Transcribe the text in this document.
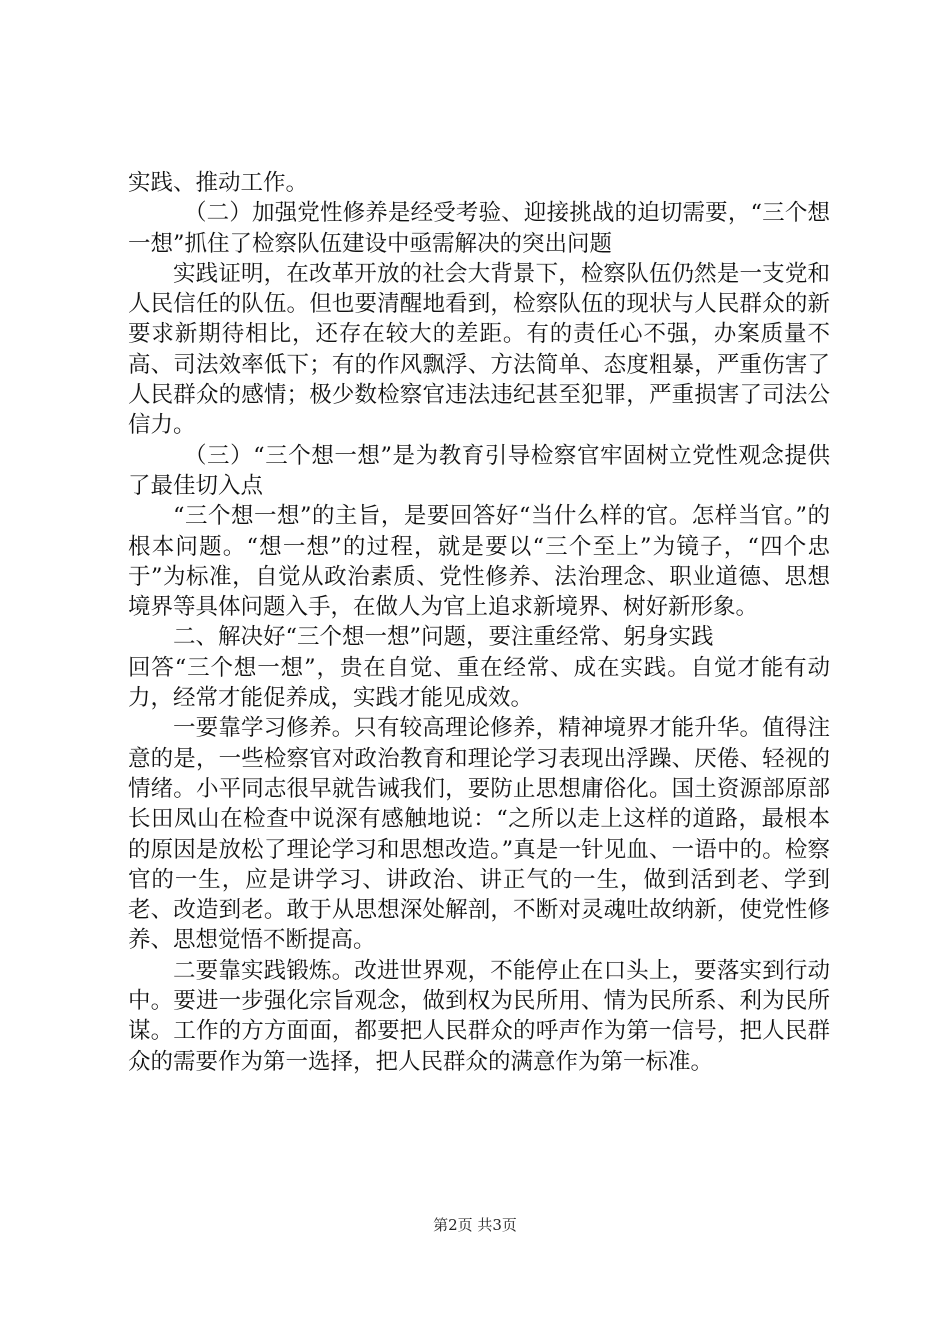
实践、推动工作。

（二）加强党性修养是经受考验、迎接挑战的迫切需要，“三个想一想”抓住了检察队伍建设中亟需解决的突出问题

实践证明，在改革开放的社会大背景下，检察队伍仍然是一支党和人民信任的队伍。但也要清醒地看到，检察队伍的现状与人民群众的新要求新期待相比，还存在较大的差距。有的责任心不强，办案质量不高、司法效率低下；有的作风飘浮、方法简单、态度粗暴，严重伤害了人民群众的感情；极少数检察官违法违纪甚至犯罪，严重损害了司法公信力。

（三）“三个想一想”是为教育引导检察官牢固树立党性观念提供了最佳切入点

“三个想一想”的主旨，是要回答好“当什么样的官。怎样当官。”的根本问题。“想一想”的过程，就是要以“三个至上”为镜子，“四个忠于”为标准，自觉从政治素质、党性修养、法治理念、职业道德、思想境界等具体问题入手，在做人为官上追求新境界、树好新形象。

二、解决好“三个想一想”问题，要注重经常、躬身实践

回答“三个想一想”，贵在自觉、重在经常、成在实践。自觉才能有动力，经常才能促养成，实践才能见成效。

一要靠学习修养。只有较高理论修养，精神境界才能升华。值得注意的是，一些检察官对政治教育和理论学习表现出浮躁、厌倦、轻视的情绪。小平同志很早就告诫我们，要防止思想庸俗化。国土资源部原部长田凤山在检查中说深有感触地说：“之所以走上这样的道路，最根本的原因是放松了理论学习和思想改造。”真是一针见血、一语中的。检察官的一生，应是讲学习、讲政治、讲正气的一生，做到活到老、学到老、改造到老。敢于从思想深处解剖，不断对灵魂吐故纳新，使党性修养、思想觉悟不断提高。

二要靠实践锻炼。改进世界观，不能停止在口头上，要落实到行动中。要进一步强化宗旨观念，做到权为民所用、情为民所系、利为民所谋。工作的方方面面，都要把人民群众的呼声作为第一信号，把人民群众的需要作为第一选择，把人民群众的满意作为第一标准。

第2页 共3页
